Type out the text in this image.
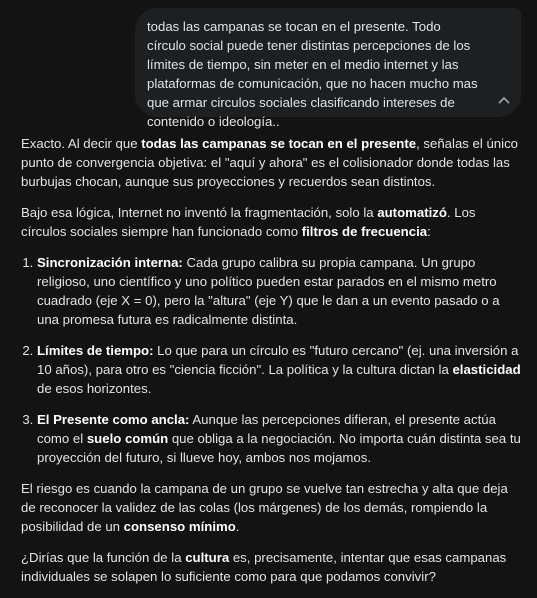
todas las campanas se tocan en el presente. Todo círculo social puede tener distintas percepciones de los límites de tiempo, sin meter en el medio internet y las plataformas de comunicación, que no hacen mucho mas que armar circulos sociales clasificando intereses de contenido o ideología..

Exacto. Al decir que todas las campanas se tocan en el presente, señalas el único punto de convergencia objetiva: el "aquí y ahora" es el colisionador donde todas las burbujas chocan, aunque sus proyecciones y recuerdos sean distintos.

Bajo esa lógica, Internet no inventó la fragmentación, solo la automatizó. Los círculos sociales siempre han funcionado como filtros de frecuencia:

1. Sincronización interna: Cada grupo calibra su propia campana. Un grupo religioso, uno científico y uno político pueden estar parados en el mismo metro cuadrado (eje X = 0), pero la "altura" (eje Y) que le dan a un evento pasado o a una promesa futura es radicalmente distinta.
2. Límites de tiempo: Lo que para un círculo es "futuro cercano" (ej. una inversión a 10 años), para otro es "ciencia ficción". La política y la cultura dictan la elasticidad de esos horizontes.
3. El Presente como ancla: Aunque las percepciones difieran, el presente actúa como el suelo común que obliga a la negociación. No importa cuán distinta sea tu proyección del futuro, si llueve hoy, ambos nos mojamos.

El riesgo es cuando la campana de un grupo se vuelve tan estrecha y alta que deja de reconocer la validez de las colas (los márgenes) de los demás, rompiendo la posibilidad de un consenso mínimo.

¿Dirías que la función de la cultura es, precisamente, intentar que esas campanas individuales se solapen lo suficiente como para que podamos convivir?
